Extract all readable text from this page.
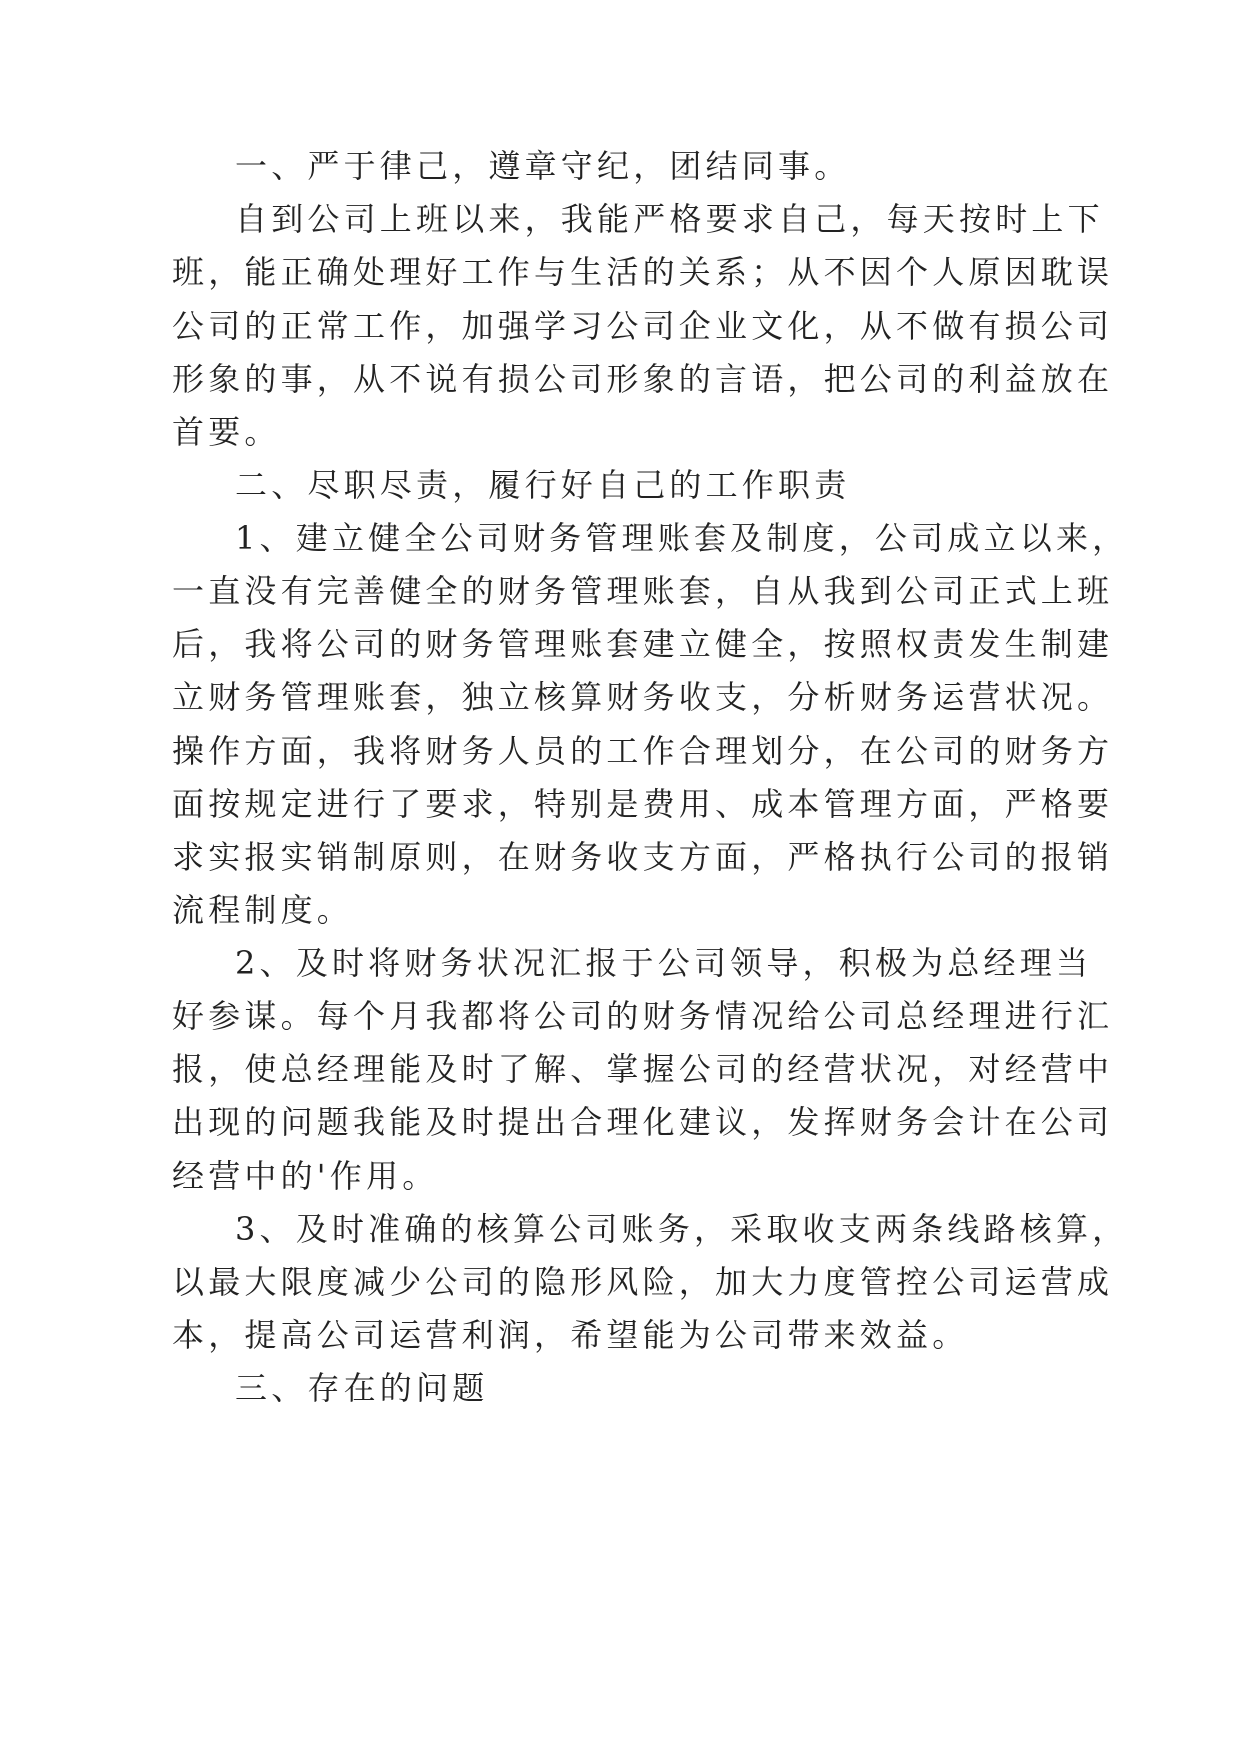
一、严于律己，遵章守纪，团结同事。
自到公司上班以来，我能严格要求自己，每天按时上下
班，能正确处理好工作与生活的关系；从不因个人原因耽误
公司的正常工作，加强学习公司企业文化，从不做有损公司
形象的事，从不说有损公司形象的言语，把公司的利益放在
首要。
二、尽职尽责，履行好自己的工作职责
1、建立健全公司财务管理账套及制度，公司成立以来，
一直没有完善健全的财务管理账套，自从我到公司正式上班
后，我将公司的财务管理账套建立健全，按照权责发生制建
立财务管理账套，独立核算财务收支，分析财务运营状况。
操作方面，我将财务人员的工作合理划分，在公司的财务方
面按规定进行了要求，特别是费用、成本管理方面，严格要
求实报实销制原则，在财务收支方面，严格执行公司的报销
流程制度。
2、及时将财务状况汇报于公司领导，积极为总经理当
好参谋。每个月我都将公司的财务情况给公司总经理进行汇
报，使总经理能及时了解、掌握公司的经营状况，对经营中
出现的问题我能及时提出合理化建议，发挥财务会计在公司
经营中的'作用。
3、及时准确的核算公司账务，采取收支两条线路核算，
以最大限度减少公司的隐形风险，加大力度管控公司运营成
本，提高公司运营利润，希望能为公司带来效益。
三、存在的问题
